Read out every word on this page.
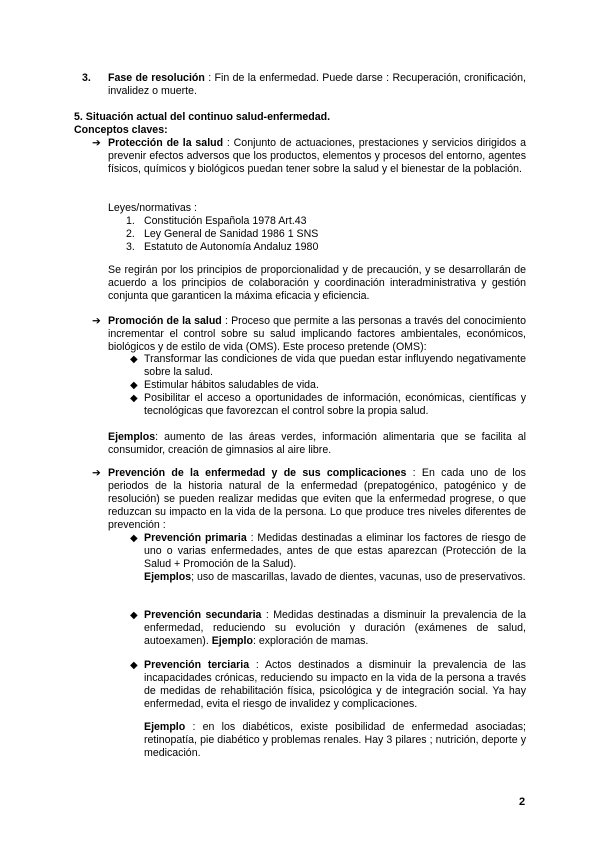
3. Fase de resolución : Fin de la enfermedad. Puede darse : Recuperación, cronificación, invalidez o muerte.
5. Situación actual del continuo salud-enfermedad.
Conceptos claves:
➔ Protección de la salud : Conjunto de actuaciones, prestaciones y servicios dirigidos a prevenir efectos adversos que los productos, elementos y procesos del entorno, agentes físicos, químicos y biológicos puedan tener sobre la salud y el bienestar de la población.
Leyes/normativas :
1. Constitución Española 1978 Art.43
2. Ley General de Sanidad 1986 1 SNS
3. Estatuto de Autonomía Andaluz 1980
Se regirán por los principios de proporcionalidad y de precaución, y se desarrollarán de acuerdo a los principios de colaboración y coordinación interadministrativa y gestión conjunta que garanticen la máxima eficacia y eficiencia.
➔ Promoción de la salud : Proceso que permite a las personas a través del conocimiento incrementar el control sobre su salud implicando factores ambientales, económicos, biológicos y de estilo de vida (OMS). Este proceso pretende (OMS):
◆ Transformar las condiciones de vida que puedan estar influyendo negativamente sobre la salud.
◆ Estimular hábitos saludables de vida.
◆ Posibilitar el acceso a oportunidades de información, económicas, científicas y tecnológicas que favorezcan el control sobre la propia salud.
Ejemplos: aumento de las áreas verdes, información alimentaria que se facilita al consumidor, creación de gimnasios al aire libre.
➔ Prevención de la enfermedad y de sus complicaciones : En cada uno de los periodos de la historia natural de la enfermedad (prepatogénico, patogénico y de resolución) se pueden realizar medidas que eviten que la enfermedad progrese, o que reduzcan su impacto en la vida de la persona. Lo que produce tres niveles diferentes de prevención :
◆ Prevención primaria : Medidas destinadas a eliminar los factores de riesgo de uno o varias enfermedades, antes de que estas aparezcan (Protección de la Salud + Promoción de la Salud).
Ejemplos; uso de mascarillas, lavado de dientes, vacunas, uso de preservativos.
◆ Prevención secundaria : Medidas destinadas a disminuir la prevalencia de la enfermedad, reduciendo su evolución y duración (exámenes de salud, autoexamen). Ejemplo: exploración de mamas.
◆ Prevención terciaria : Actos destinados a disminuir la prevalencia de las incapacidades crónicas, reduciendo su impacto en la vida de la persona a través de medidas de rehabilitación física, psicológica y de integración social. Ya hay enfermedad, evita el riesgo de invalidez y complicaciones.
Ejemplo : en los diabéticos, existe posibilidad de enfermedad asociadas; retinopatía, pie diabético y problemas renales. Hay 3 pilares ; nutrición, deporte y medicación.
2
